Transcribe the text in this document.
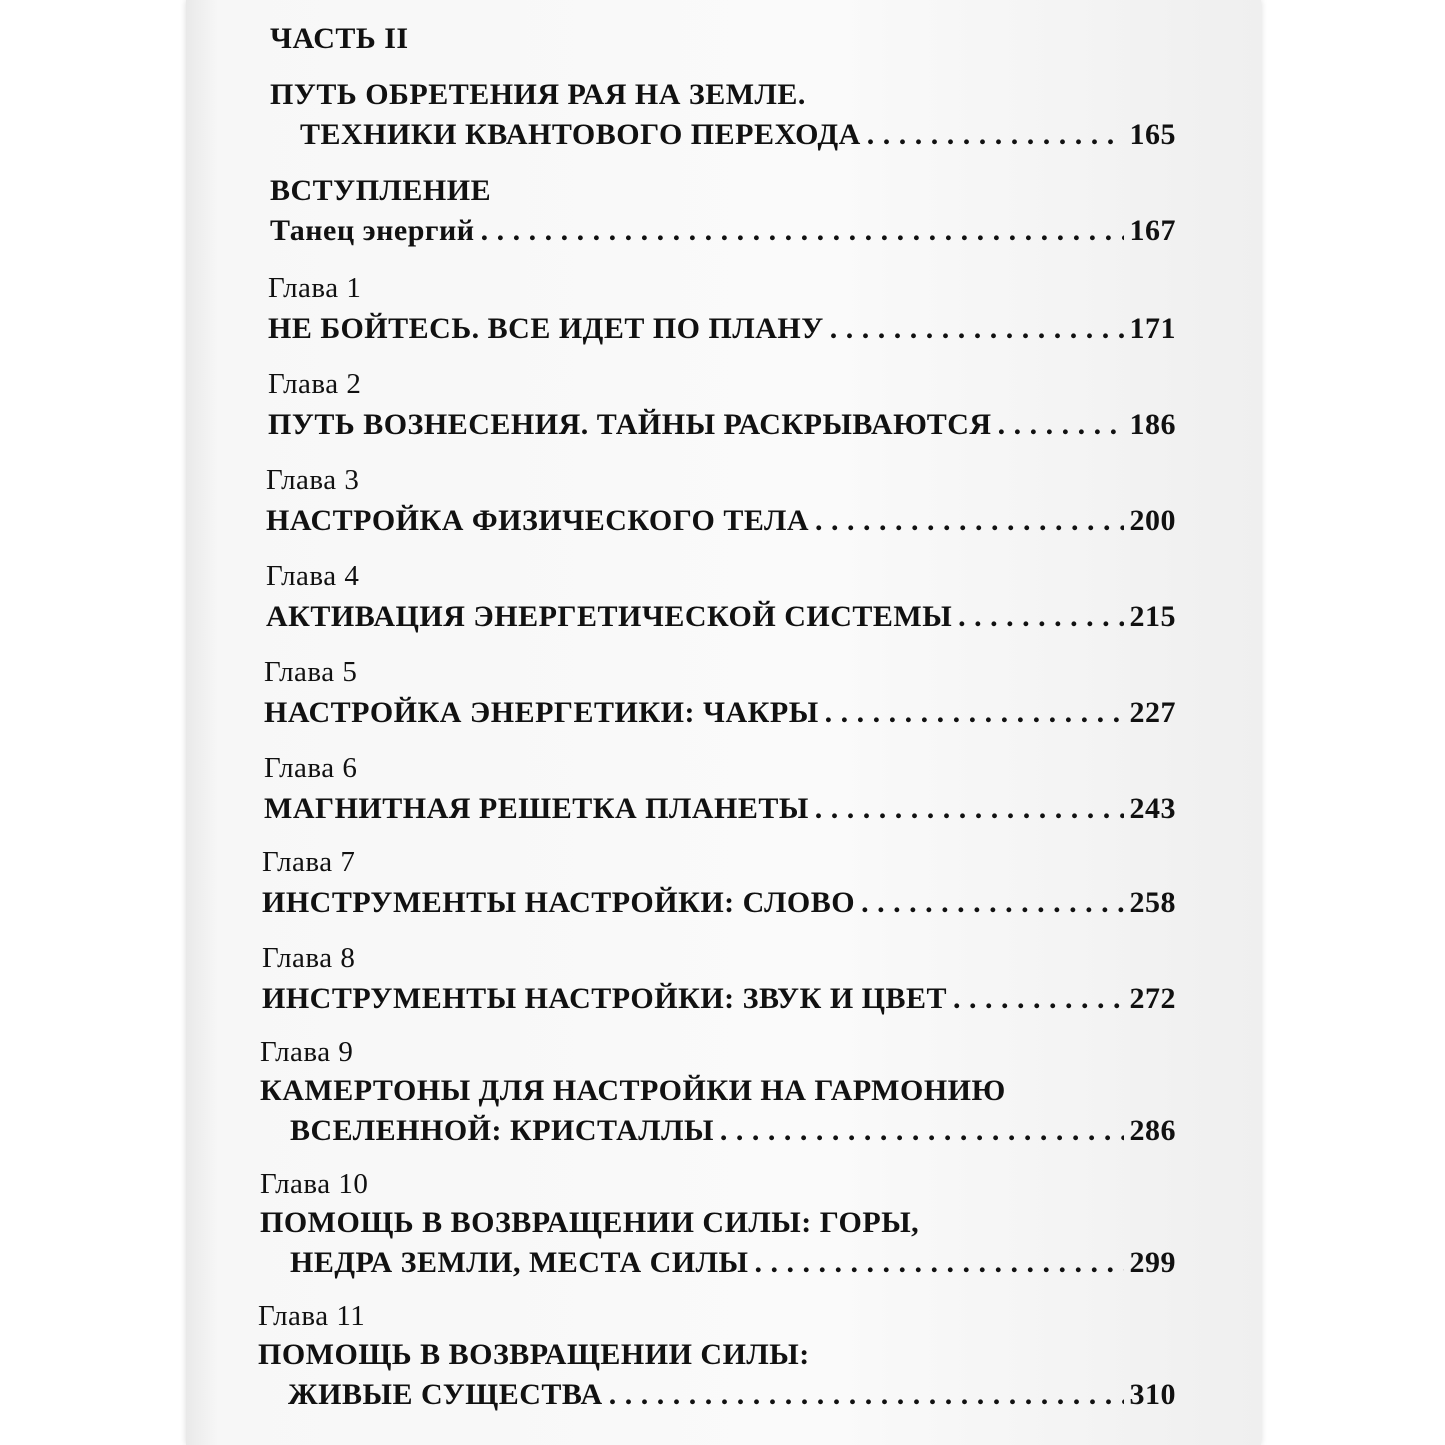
ЧАСТЬ II
ПУТЬ ОБРЕТЕНИЯ РАЯ НА ЗЕМЛЕ.
ТЕХНИКИ КВАНТОВОГО ПЕРЕХОДА . . .	165
ВСТУПЛЕНИЕ
Танец энергий . . .	167
Глава 1
НЕ БОЙТЕСЬ. ВСЕ ИДЕТ ПО ПЛАНУ . . .	171
Глава 2
ПУТЬ ВОЗНЕСЕНИЯ. ТАЙНЫ РАСКРЫВАЮТСЯ . . .	186
Глава 3
НАСТРОЙКА ФИЗИЧЕСКОГО ТЕЛА . . .	200
Глава 4
АКТИВАЦИЯ ЭНЕРГЕТИЧЕСКОЙ СИСТЕМЫ . . .	215
Глава 5
НАСТРОЙКА ЭНЕРГЕТИКИ: ЧАКРЫ . . .	227
Глава 6
МАГНИТНАЯ РЕШЕТКА ПЛАНЕТЫ . . .	243
Глава 7
ИНСТРУМЕНТЫ НАСТРОЙКИ: СЛОВО . . .	258
Глава 8
ИНСТРУМЕНТЫ НАСТРОЙКИ: ЗВУК И ЦВЕТ . . .	272
Глава 9
КАМЕРТОНЫ ДЛЯ НАСТРОЙКИ НА ГАРМОНИЮ
ВСЕЛЕННОЙ: КРИСТАЛЛЫ . . .	286
Глава 10
ПОМОЩЬ В ВОЗВРАЩЕНИИ СИЛЫ: ГОРЫ,
НЕДРА ЗЕМЛИ, МЕСТА СИЛЫ . . .	299
Глава 11
ПОМОЩЬ В ВОЗВРАЩЕНИИ СИЛЫ:
ЖИВЫЕ СУЩЕСТВА . . .	310
